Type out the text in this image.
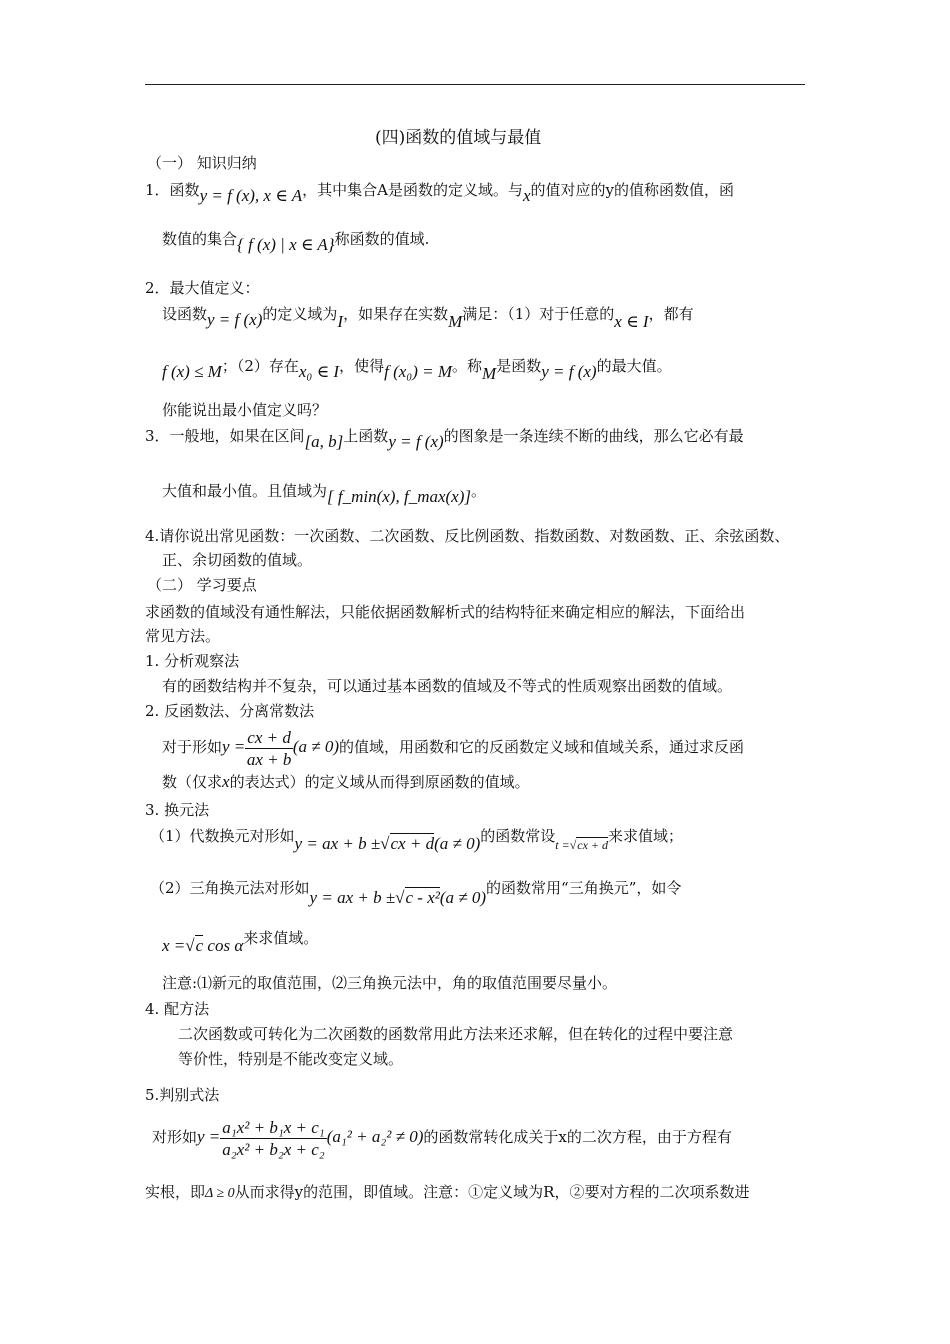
(四)函数的值域与最值
（一） 知识归纳
1．函数y = f (x), x ∈ A，其中集合A是函数的定义域。与x的值对应的y的值称函数值，函
数值的集合{ f (x) | x ∈ A}称函数的值域.
2．最大值定义：
设函数y = f (x)的定义域为I，如果存在实数M满足：（1）对于任意的x ∈ I，都有
f (x) ≤ M；（2）存在x₀ ∈ I，使得f (x₀) = M。称M是函数y = f (x)的最大值。
你能说出最小值定义吗？
3．一般地，如果在区间[a, b]上函数y = f (x)的图象是一条连续不断的曲线，那么它必有最
大值和最小值。且值域为[ f_min(x), f_max(x)]。
4.请你说出常见函数：一次函数、二次函数、反比例函数、指数函数、对数函数、正、余弦函数、
正、余切函数的值域。
（二） 学习要点
求函数的值域没有通性解法，只能依据函数解析式的结构特征来确定相应的解法，下面给出
常见方法。
1. 分析观察法
有的函数结构并不复杂，可以通过基本函数的值域及不等式的性质观察出函数的值域。
2. 反函数法、分离常数法
对于形如$y = \frac{cx + d}{ax + b} (a \ne 0)$的值域，用函数和它的反函数定义域和值域关系，通过求反函
数（仅求x的表达式）的定义域从而得到原函数的值域。
3. 换元法
（1）代数换元对形如y = ax + b ±√cx + d(a ≠ 0)的函数常设$_{t =√cx + d}$来求值域；
（2）三角换元法对形如y = ax + b ±√c - x²(a ≠ 0)的函数常用“三角换元”，如令
x =√c cos α来求值域。
注意:⑴新元的取值范围，⑵三角换元法中，角的取值范围要尽量小。
4. 配方法
二次函数或可转化为二次函数的函数常用此方法来还求解，但在转化的过程中要注意
等价性，特别是不能改变定义域。
5.判别式法
对形如$y = \frac{\text{a₁x² + b₁x + c₁}}{\text{a₂x² + b₂x + c₂}} (a_1^2 + a_2^2 \ne 0)$的函数常转化成关于x的二次方程，由于方程有
实根，即Δ ≥ 0从而求得y的范围，即值域。注意：①定义域为R，②要对方程的二次项系数进
